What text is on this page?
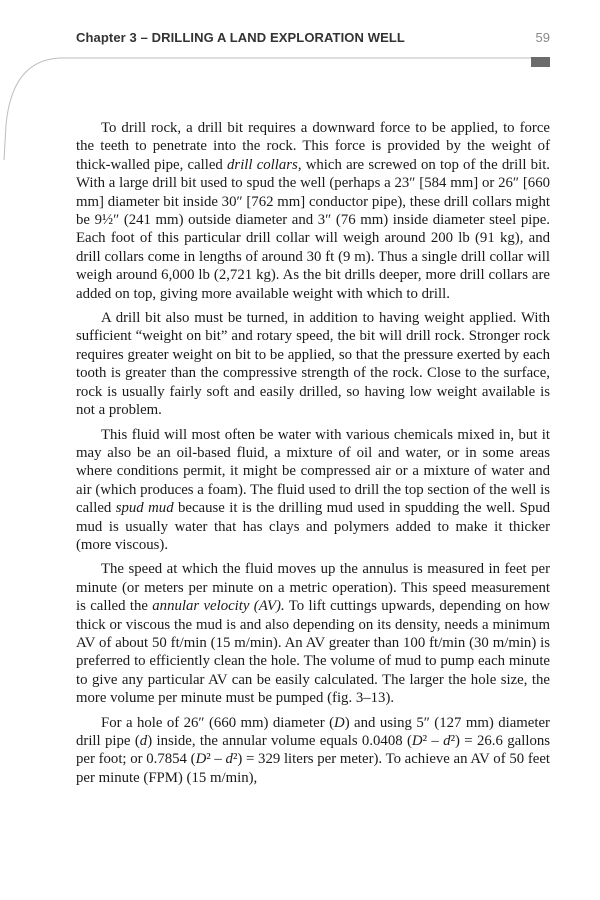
Chapter 3 – DRILLING A LAND EXPLORATION WELL	59

To drill rock, a drill bit requires a downward force to be applied, to force the teeth to penetrate into the rock. This force is provided by the weight of thick-walled pipe, called drill collars, which are screwed on top of the drill bit. With a large drill bit used to spud the well (perhaps a 23″ [584 mm] or 26″ [660 mm] diameter bit inside 30″ [762 mm] conductor pipe), these drill collars might be 9½″ (241 mm) outside diameter and 3″ (76 mm) inside diameter steel pipe. Each foot of this particular drill collar will weigh around 200 lb (91 kg), and drill collars come in lengths of around 30 ft (9 m). Thus a single drill collar will weigh around 6,000 lb (2,721 kg). As the bit drills deeper, more drill collars are added on top, giving more available weight with which to drill.

A drill bit also must be turned, in addition to having weight applied. With sufficient “weight on bit” and rotary speed, the bit will drill rock. Stronger rock requires greater weight on bit to be applied, so that the pressure exerted by each tooth is greater than the compressive strength of the rock. Close to the surface, rock is usually fairly soft and easily drilled, so having low weight available is not a problem.

This fluid will most often be water with various chemicals mixed in, but it may also be an oil-based fluid, a mixture of oil and water, or in some areas where conditions permit, it might be compressed air or a mixture of water and air (which produces a foam). The fluid used to drill the top section of the well is called spud mud because it is the drilling mud used in spudding the well. Spud mud is usually water that has clays and polymers added to make it thicker (more viscous).

The speed at which the fluid moves up the annulus is measured in feet per minute (or meters per minute on a metric operation). This speed measurement is called the annular velocity (AV). To lift cuttings upwards, depending on how thick or viscous the mud is and also depending on its density, needs a minimum AV of about 50 ft/min (15 m/min). An AV greater than 100 ft/min (30 m/min) is preferred to efficiently clean the hole. The volume of mud to pump each minute to give any particular AV can be easily calculated. The larger the hole size, the more volume per minute must be pumped (fig. 3–13).

For a hole of 26″ (660 mm) diameter (D) and using 5″ (127 mm) diameter drill pipe (d) inside, the annular volume equals 0.0408 (D² – d²) = 26.6 gallons per foot; or 0.7854 (D² – d²) = 329 liters per meter). To achieve an AV of 50 feet per minute (FPM) (15 m/min),
